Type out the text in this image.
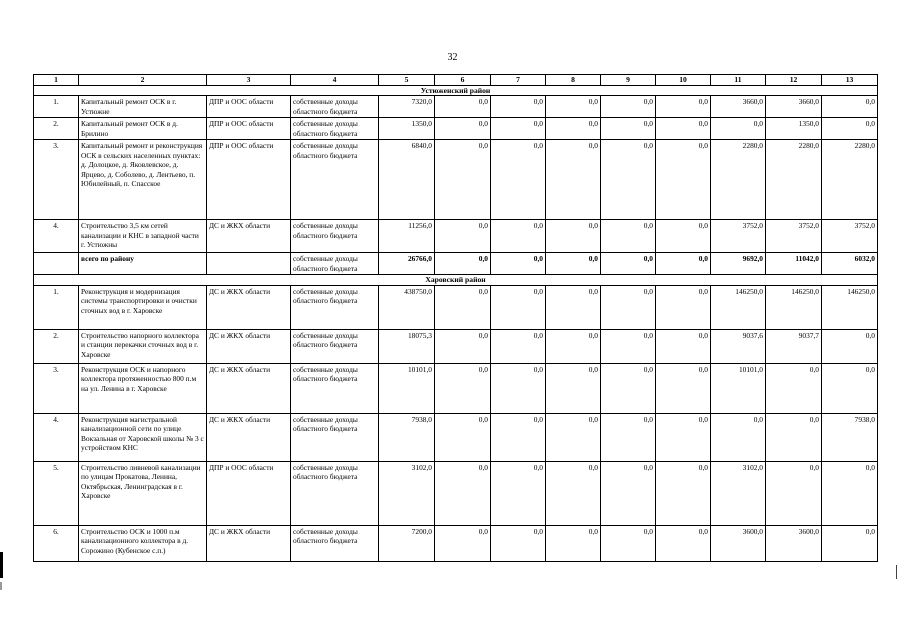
32
1	2	3	4	5	6	7	8	9	10	11	12	13
Устюженский район												
1.	Капитальный ремонт ОСК в г. Устюжне	ДПР и ООС области	собственные доходы областного бюджета	7320,0	0,0	0,0	0,0	0,0	0,0	3660,0	3660,0	0,0
2.	Капитальный ремонт ОСК в д. Брилино	ДПР и ООС области	собственные доходы областного бюджета	1350,0	0,0	0,0	0,0	0,0	0,0	0,0	1350,0	0,0
3.	Капитальный ремонт и реконструкция ОСК в сельских населенных пунктах: д. Долоцкое, д. Яковлевское, д. Ярцево, д. Соболево, д. Лентьево, п. Юбилейный, п. Спасское	ДПР и ООС области	собственные доходы областного бюджета	6840,0	0,0	0,0	0,0	0,0	0,0	2280,0	2280,0	2280,0
4.	Строительство 3,5 км сетей канализации и КНС в западной части г. Устюжны	ДС и ЖКХ области	собственные доходы областного бюджета	11256,0	0,0	0,0	0,0	0,0	0,0	3752,0	3752,0	3752,0
	всего по району		собственные доходы областного бюджета	26766,0	0,0	0,0	0,0	0,0	0,0	9692,0	11042,0	6032,0
Харовский район												
1.	Реконструкция и модернизация системы транспортировки и очистки сточных вод в г. Харовске	ДС и ЖКХ области	собственные доходы областного бюджета	438750,0	0,0	0,0	0,0	0,0	0,0	146250,0	146250,0	146250,0
2.	Строительство напорного коллектора и станции перекачки сточных вод в г. Харовске	ДС и ЖКХ области	собственные доходы областного бюджета	18075,3	0,0	0,0	0,0	0,0	0,0	9037,6	9037,7	0,0
3.	Реконструкция ОСК и напорного коллектора протяженностью 800 п.м на ул. Ленина в г. Харовске	ДС и ЖКХ области	собственные доходы областного бюджета	10101,0	0,0	0,0	0,0	0,0	0,0	10101,0	0,0	0,0
4.	Реконструкция магистральной канализационной сети по улице Вокзальная от Харовской школы № 3 с устройством КНС	ДС и ЖКХ области	собственные доходы областного бюджета	7938,0	0,0	0,0	0,0	0,0	0,0	0,0	0,0	7938,0
5.	Строительство ливневой канализации по улицам Прокатова, Ленина, Октябрьская, Ленинградская в г. Харовске	ДПР и ООС области	собственные доходы областного бюджета	3102,0	0,0	0,0	0,0	0,0	0,0	3102,0	0,0	0,0
6.	Строительство ОСК и 1000 п.м канализационного коллектора в д. Сорожино (Кубенское с.п.)	ДС и ЖКХ области	собственные доходы областного бюджета	7200,0	0,0	0,0	0,0	0,0	0,0	3600,0	3600,0	0,0
